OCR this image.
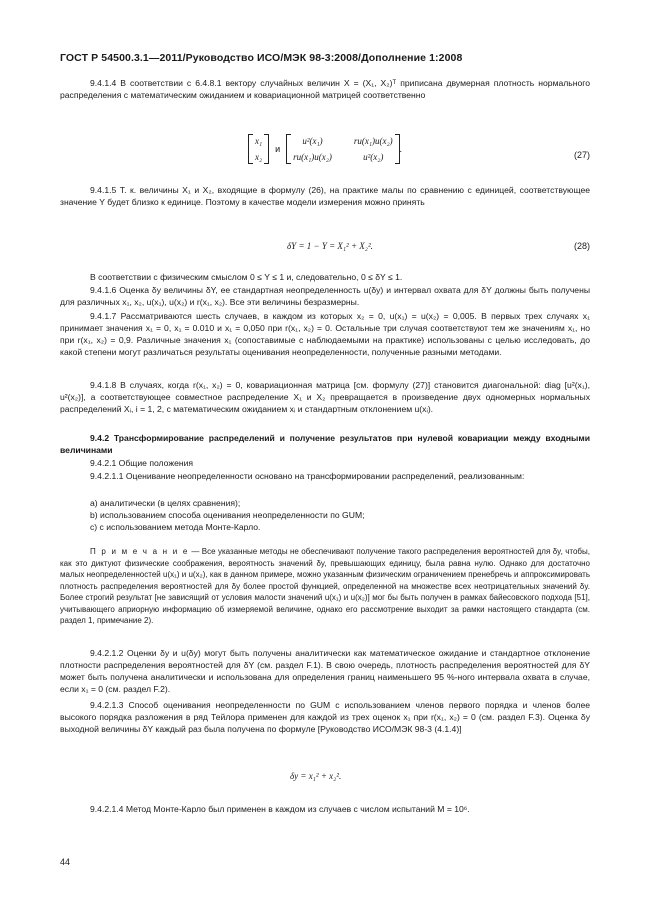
ГОСТ Р 54500.3.1—2011/Руководство ИСО/МЭК 98-3:2008/Дополнение 1:2008
9.4.1.4 В соответствии с 6.4.8.1 вектору случайных величин X = (X₁, X₂)ᵀ приписана двумерная плотность нормального распределения с математическим ожиданием и ковариационной матрицей соответственно
x₁
x₂
и
u²(x₁)	ru(x₁)u(x₂)
ru(x₁)u(x₂)	u²(x₂)
.
(27)
9.4.1.5 Т. к. величины X₁ и X₂, входящие в формулу (26), на практике малы по сравнению с единицей, соответствующее значение Y будет близко к единице. Поэтому в качестве модели измерения можно принять
δY = 1 − Y = X₁² + X₂².	(28)
В соответствии с физическим смыслом 0 ≤ Y ≤ 1 и, следовательно, 0 ≤ δY ≤ 1.
9.4.1.6 Оценка δy величины δY, ее стандартная неопределенность u(δy) и интервал охвата для δY должны быть получены для различных x₁, x₂, u(x₁), u(x₂) и r(x₁, x₂). Все эти величины безразмерны.
9.4.1.7 Рассматриваются шесть случаев, в каждом из которых x₂ = 0, u(x₁) = u(x₂) = 0,005. В первых трех случаях x₁ принимает значения x₁ = 0, x₁ = 0.010 и x₁ = 0,050 при r(x₁, x₂) = 0. Остальные три случая соответствуют тем же значениям x₁, но при r(x₁, x₂) = 0,9. Различные значения x₁ (сопоставимые с наблюдаемыми на практике) использованы с целью исследовать, до какой степени могут различаться результаты оценивания неопределенности, полученные разными методами.
9.4.1.8 В случаях, когда r(x₁, x₂) = 0, ковариационная матрица [см. формулу (27)] становится диагональной: diag [u²(x₁), u²(x₂)], а соответствующее совместное распределение X₁ и X₂ превращается в произведение двух одномерных нормальных распределений Xᵢ, i = 1, 2, с математическим ожиданием xᵢ и стандартным отклонением u(xᵢ).
9.4.2 Трансформирование распределений и получение результатов при нулевой ковариации между входными величинами
9.4.2.1 Общие положения
9.4.2.1.1 Оценивание неопределенности основано на трансформировании распределений, реализованным:
a) аналитически (в целях сравнения);
b) использованием способа оценивания неопределенности по GUM;
c) с использованием метода Монте-Карло.
П р и м е ч а н и е — Все указанные методы не обеспечивают получение такого распределения вероятностей для δy, чтобы, как это диктуют физические соображения, вероятность значений δy, превышающих единицу, была равна нулю. Однако для достаточно малых неопределенностей u(x₁) и u(x₂), как в данном примере, можно указанным физическим ограничением пренебречь и аппроксимировать плотность распределения вероятностей для δy более простой функцией, определенной на множестве всех неотрицательных значений δy. Более строгий результат [не зависящий от условия малости значений u(x₁) и u(x₂)] мог бы быть получен в рамках байесовского подхода [51], учитывающего априорную информацию об измеряемой величине, однако его рассмотрение выходит за рамки настоящего стандарта (см. раздел 1, примечание 2).
9.4.2.1.2 Оценки δy и u(δy) могут быть получены аналитически как математическое ожидание и стандартное отклонение плотности распределения вероятностей для δY (см. раздел F.1). В свою очередь, плотность распределения вероятностей для δY может быть получена аналитически и использована для определения границ наименьшего 95 %-ного интервала охвата в случае, если x₁ = 0 (см. раздел F.2).
9.4.2.1.3 Способ оценивания неопределенности по GUM с использованием членов первого порядка и членов более высокого порядка разложения в ряд Тейлора применен для каждой из трех оценок x₁ при r(x₁, x₂) = 0 (см. раздел F.3). Оценка δy выходной величины δY каждый раз была получена по формуле [Руководство ИСО/МЭК 98-3 (4.1.4)]
δy = x₁² + x₂².
9.4.2.1.4 Метод Монте-Карло был применен в каждом из случаев с числом испытаний M = 10⁶.
44
